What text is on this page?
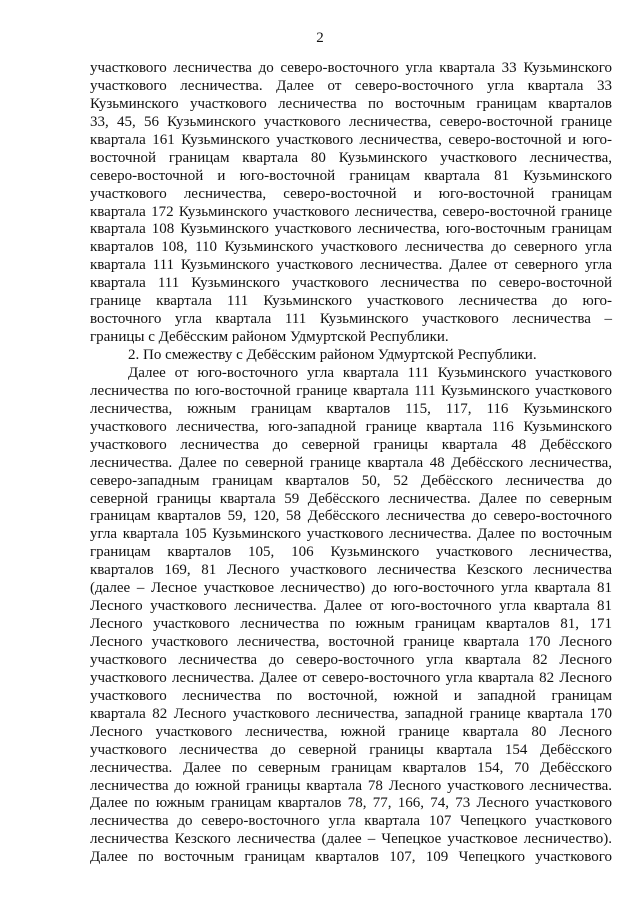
2
участкового лесничества до северо-восточного угла квартала 33 Кузьминского
участкового лесничества. Далее от северо-восточного угла квартала 33
Кузьминского участкового лесничества по восточным границам кварталов
33, 45, 56 Кузьминского участкового лесничества, северо-восточной границе
квартала 161 Кузьминского участкового лесничества, северо-восточной и юго-
восточной границам квартала 80 Кузьминского участкового лесничества,
северо-восточной и юго-восточной границам квартала 81 Кузьминского
участкового лесничества, северо-восточной и юго-восточной границам
квартала 172 Кузьминского участкового лесничества, северо-восточной границе
квартала 108 Кузьминского участкового лесничества, юго-восточным границам
кварталов 108, 110 Кузьминского участкового лесничества до северного угла
квартала 111 Кузьминского участкового лесничества. Далее от северного угла
квартала 111 Кузьминского участкового лесничества по северо-восточной
границе квартала 111 Кузьминского участкового лесничества до юго-
восточного угла квартала 111 Кузьминского участкового лесничества –
границы с Дебёсским районом Удмуртской Республики.
2. По смежеству с Дебёсским районом Удмуртской Республики.
Далее от юго-восточного угла квартала 111 Кузьминского участкового
лесничества по юго-восточной границе квартала 111 Кузьминского участкового
лесничества, южным границам кварталов 115, 117, 116 Кузьминского
участкового лесничества, юго-западной границе квартала 116 Кузьминского
участкового лесничества до северной границы квартала 48 Дебёсского
лесничества. Далее по северной границе квартала 48 Дебёсского лесничества,
северо-западным границам кварталов 50, 52 Дебёсского лесничества до
северной границы квартала 59 Дебёсского лесничества. Далее по северным
границам кварталов 59, 120, 58 Дебёсского лесничества до северо-восточного
угла квартала 105 Кузьминского участкового лесничества. Далее по восточным
границам кварталов 105, 106 Кузьминского участкового лесничества,
кварталов 169, 81 Лесного участкового лесничества Кезского лесничества
(далее – Лесное участковое лесничество) до юго-восточного угла квартала 81
Лесного участкового лесничества. Далее от юго-восточного угла квартала 81
Лесного участкового лесничества по южным границам кварталов 81, 171
Лесного участкового лесничества, восточной границе квартала 170 Лесного
участкового лесничества до северо-восточного угла квартала 82 Лесного
участкового лесничества. Далее от северо-восточного угла квартала 82 Лесного
участкового лесничества по восточной, южной и западной границам
квартала 82 Лесного участкового лесничества, западной границе квартала 170
Лесного участкового лесничества, южной границе квартала 80 Лесного
участкового лесничества до северной границы квартала 154 Дебёсского
лесничества. Далее по северным границам кварталов 154, 70 Дебёсского
лесничества до южной границы квартала 78 Лесного участкового лесничества.
Далее по южным границам кварталов 78, 77, 166, 74, 73 Лесного участкового
лесничества до северо-восточного угла квартала 107 Чепецкого участкового
лесничества Кезского лесничества (далее – Чепецкое участковое лесничество).
Далее по восточным границам кварталов 107, 109 Чепецкого участкового
